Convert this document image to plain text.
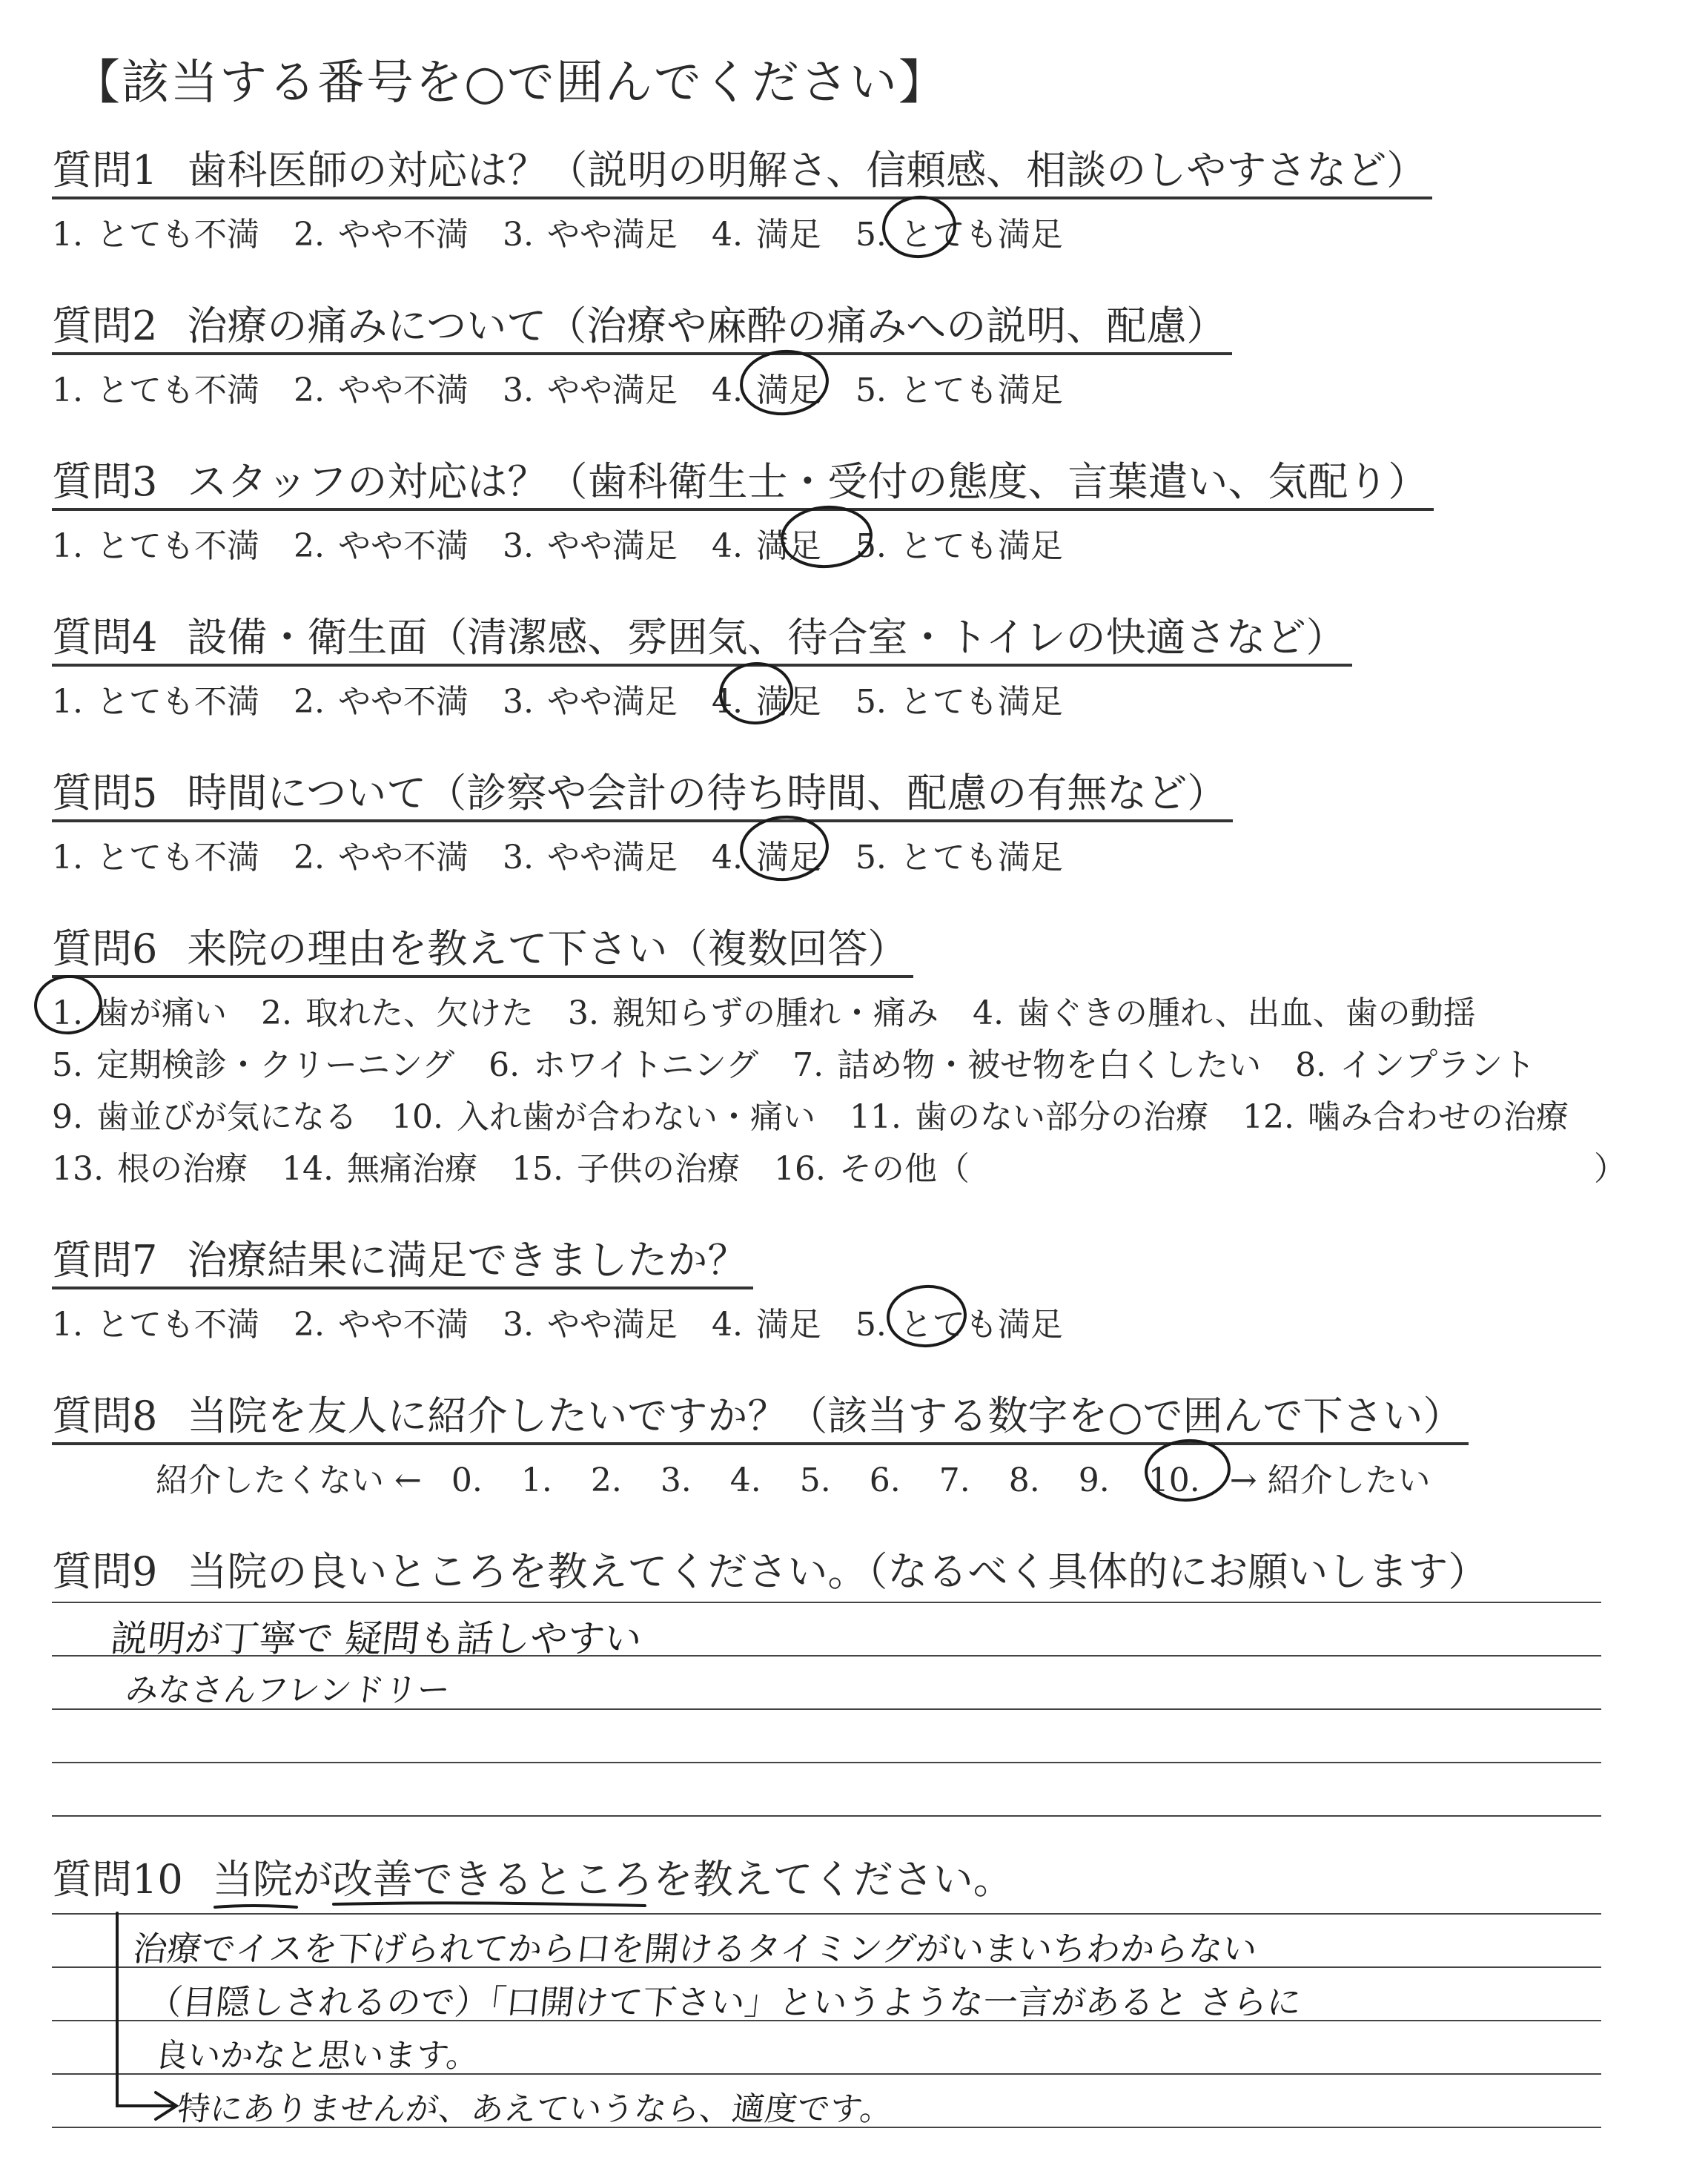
【該当する番号を○で囲んでください】
質問1 歯科医師の対応は？（説明の明解さ、信頼感、相談のしやすさなど）
1. とても不満 2. やや不満 3. やや満足 4. 満足 5. とても満足
質問2 治療の痛みについて（治療や麻酔の痛みへの説明、配慮）
1. とても不満 2. やや不満 3. やや満足 4. 満足 5. とても満足
質問3 スタッフの対応は？（歯科衛生士・受付の態度、言葉遣い、気配り）
1. とても不満 2. やや不満 3. やや満足 4. 満足 5. とても満足
質問4 設備・衛生面（清潔感、雰囲気、待合室・トイレの快適さなど）
1. とても不満 2. やや不満 3. やや満足 4. 満足 5. とても満足
質問5 時間について（診察や会計の待ち時間、配慮の有無など）
1. とても不満 2. やや不満 3. やや満足 4. 満足 5. とても満足
質問6 来院の理由を教えて下さい（複数回答）
1. 歯が痛い 2. 取れた、欠けた 3. 親知らずの腫れ・痛み 4. 歯ぐきの腫れ、出血、歯の動揺
5. 定期検診・クリーニング 6. ホワイトニング 7. 詰め物・被せ物を白くしたい 8. インプラント
9. 歯並びが気になる 10. 入れ歯が合わない・痛い 11. 歯のない部分の治療 12. 噛み合わせの治療
13. 根の治療 14. 無痛治療 15. 子供の治療 16. その他（	）
質問7 治療結果に満足できましたか？
1. とても不満 2. やや不満 3. やや満足 4. 満足 5. とても満足
質問8 当院を友人に紹介したいですか？（該当する数字を○で囲んで下さい）
紹介したくない ← 0. 1. 2. 3. 4. 5. 6. 7. 8. 9. 10. → 紹介したい
質問9 当院の良いところを教えてください。（なるべく具体的にお願いします）
説明が丁寧で 疑問も話しやすい
みなさんフレンドリー
質問10 当院が改善できるところを教えてください。
治療でイスを下げられてから口を開けるタイミングがいまいちわからない
（目隠しされるので）「口開けて下さい」というような一言があると さらに
良いかなと思います。
特にありませんが、あえていうなら、適度です。
